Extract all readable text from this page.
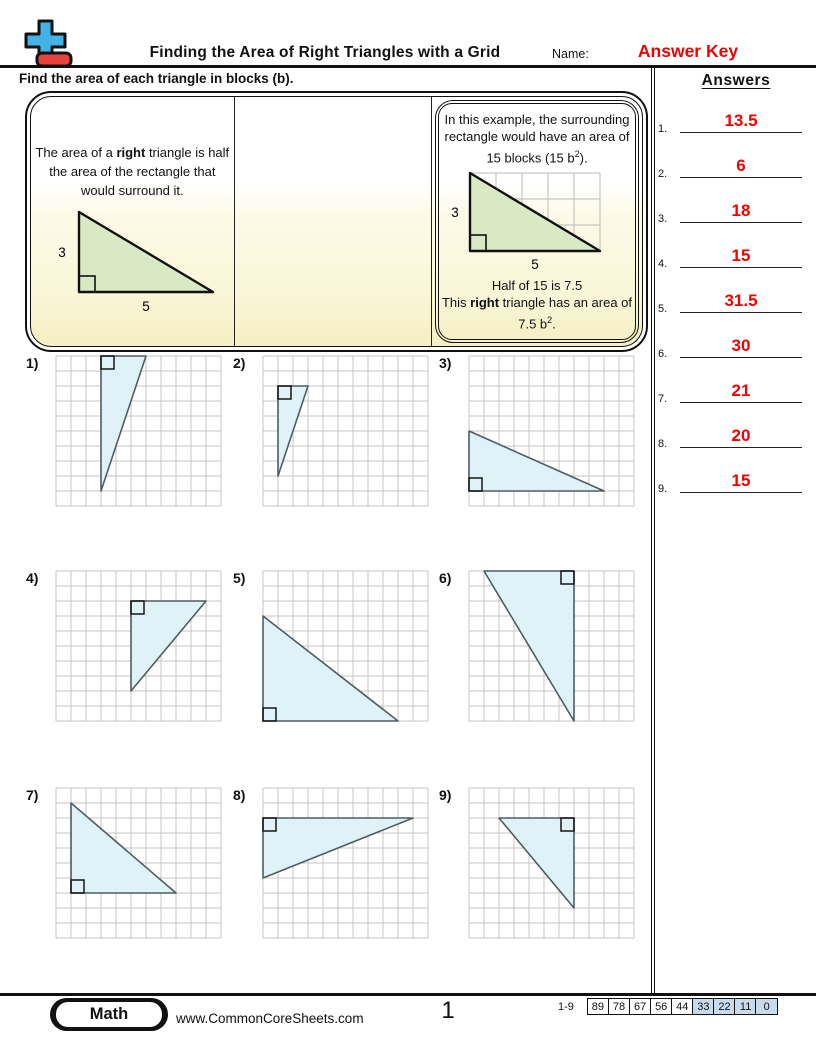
Finding the Area of Right Triangles with a Grid	Name:	Answer Key
Find the area of each triangle in blocks (b).

The area of a right triangle is half the area of the rectangle that would surround it.

3
5

In this example, the surrounding rectangle would have an area of 15 blocks (15 $b^2$).

3
5

Half of 15 is 7.5

This right triangle has an area of 7.5 $b^2$.

Answers
1.	13.5
2.	6
3.	18
4.	15
5.	31.5
6.	30
7.	21
8.	20
9.	15
1)	2)	3)
4)	5)	6)
7)	8)	9)
Math	www.CommonCoreSheets.com	1	1-9	89 78 67 56 44 33 22 11	0
